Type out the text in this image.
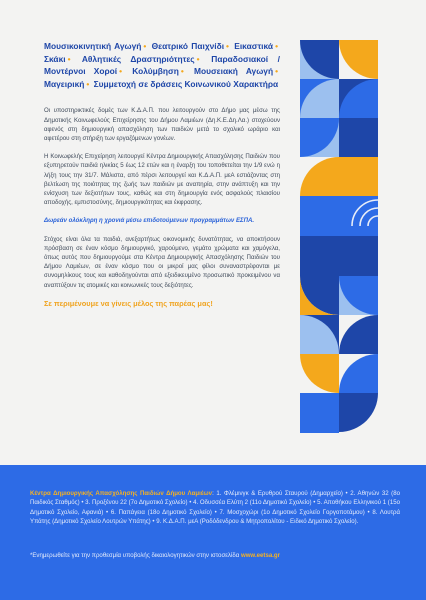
Μουσικοκινητική Αγωγή • Θεατρικό Παιχνίδι • Εικαστικά • Σκάκι • Αθλητικές Δραστηριότητες • Παραδοσιακοί / Μοντέρνοι Χοροί • Κολύμβηση • Μουσειακή Αγωγή • Μαγειρική • Συμμετοχή σε δράσεις Κοινωνικού Χαρακτήρα

Οι υποστηρικτικές δομές των Κ.Δ.Α.Π. που λειτουργούν στο Δήμο μας μέσω της Δημοτικής Κοινωφελούς Επιχείρησης του Δήμου Λαμιέων (Δη.Κ.Ε.Δη.Λα.) στοχεύουν αφενός στη δημιουργική απασχόληση των παιδιών μετά το σχολικό ωράριο και αφετέρου στη στήριξη των εργαζόμενων γονέων.

Η Κοινωφελής Επιχείρηση λειτουργεί Κέντρα Δημιουργικής Απασχόλησης Παιδιών που εξυπηρετούν παιδιά ηλικίας 5 έως 12 ετών και η έναρξη του τοποθετείται την 1/9 ενώ η λήξη τους την 31/7. Μάλιστα, από πέρσι λειτουργεί και Κ.Δ.Α.Π. μεΑ εστιάζοντας στη βελτίωση της ποιότητας της ζωής των παιδιών με αναπηρία, στην ανάπτυξη και την ενίσχυση των δεξιοτήτων τους, καθώς και στη δημιουργία ενός ασφαλούς πλαισίου αποδοχής, εμπιστοσύνης, δημιουργικότητας και έκφρασης.

Δωρεάν ολόκληρη η χρονιά μέσω επιδοτούμενων προγραμμάτων ΕΣΠΑ.

Στόχος είναι όλα τα παιδιά, ανεξαρτήτως οικονομικής δυνατότητας, να αποκτήσουν πρόσβαση σε έναν κόσμο δημιουργικό, χαρούμενο, γεμάτο χρώματα και χαμόγελα, όπως αυτός που δημιουργούμε στα Κέντρα Δημιουργικής Απασχόλησης Παιδιών του Δήμου Λαμιέων, σε έναν κόσμο που οι μικροί μας φίλοι συναναστρέφονται με συνομηλίκους τους και καθοδηγούνται από εξειδικευμένο προσωπικό προκειμένου να αναπτύξουν τις ατομικές και κοινωνικές τους δεξιότητες.

Σε περιμένουμε να γίνεις μέλος της παρέας μας!

Κέντρα Δημιουργικής Απασχόλησης Παιδιών Δήμου Λαμιέων: 1. Φλέμινγκ & Ερυθρού Σταυρού (Δημαρχείο) • 2. Αθηνών 32 (8ο Παιδικός Σταθμός) • 3. Προξένου 22 (7ο Δημοτικό Σχολείο) • 4. Οδυσσέα Ελύτη 2 (11ο Δημοτικό Σχολείο) • 5. Αποθήκου Ελληνικού 1 (15ο Δημοτικό Σχολείο, Αφανιά) • 6. Παπάγεια (18ο Δημοτικό Σχολείο) • 7. Μοσχοχώρι (1ο Δημοτικό Σχολείο Γοργοποτάμου) • 8. Λουτρά Υπάτης (Δημοτικό Σχολείο Λουτρών Υπάτης) • 9. Κ.Δ.Α.Π. μεΑ (Ροδόδενδρου & Μητροπολίτου - Ειδικό Δημοτικό Σχολείο).
*Ενημερωθείτε για την προθεσμία υποβολής δικαιολογητικών στην ιστοσελίδα www.eetsa.gr
